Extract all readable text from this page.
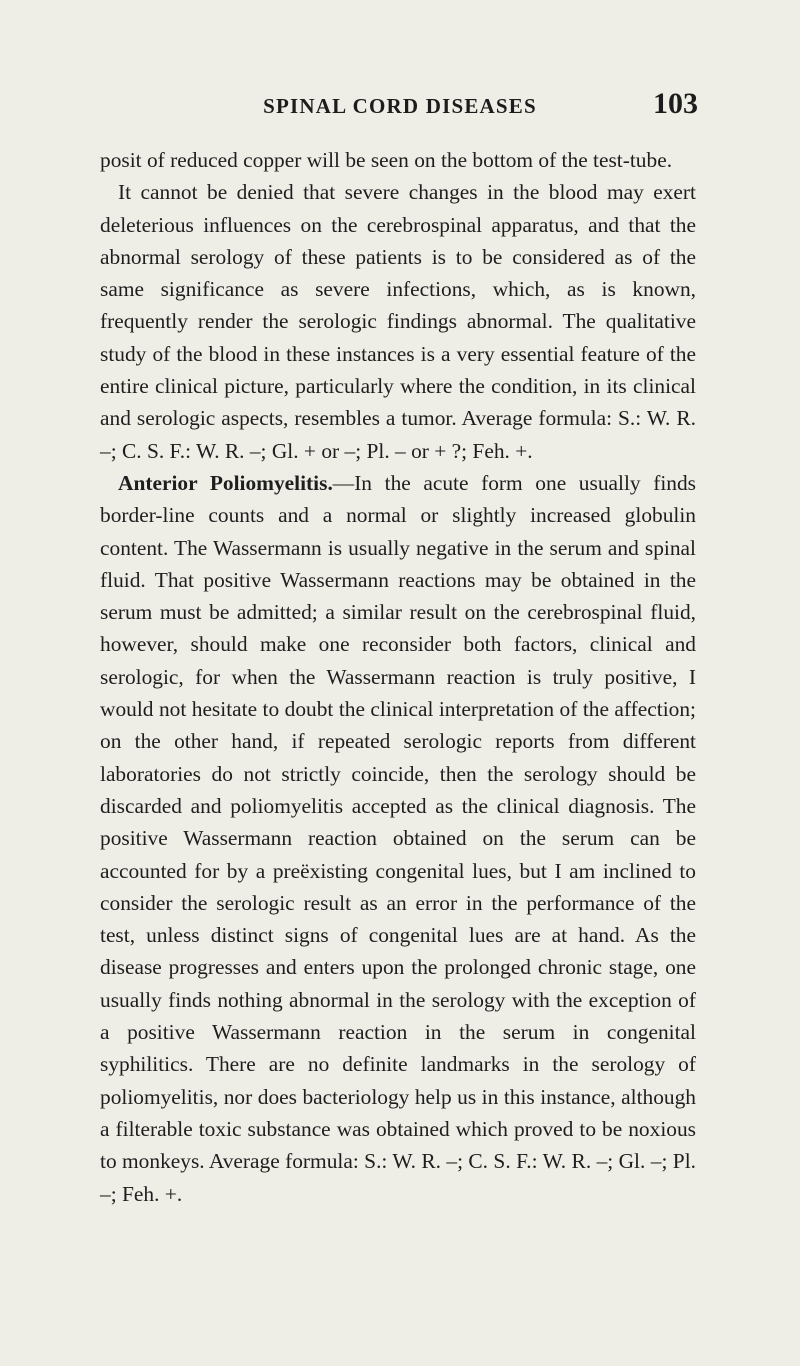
SPINAL CORD DISEASES	103

posit of reduced copper will be seen on the bottom of the test-tube.

It cannot be denied that severe changes in the blood may exert deleterious influences on the cerebrospinal apparatus, and that the abnormal serology of these patients is to be considered as of the same significance as severe infections, which, as is known, frequently render the serologic findings abnormal. The qualitative study of the blood in these instances is a very essential feature of the entire clinical picture, particularly where the condition, in its clinical and serologic aspects, resembles a tumor. Average formula: S.: W. R. –; C. S. F.: W. R. –; Gl. + or –; Pl. – or + ?; Feh. +.

Anterior Poliomyelitis.—In the acute form one usually finds border-line counts and a normal or slightly increased globulin content. The Wassermann is usually negative in the serum and spinal fluid. That positive Wassermann reactions may be obtained in the serum must be admitted; a similar result on the cerebrospinal fluid, however, should make one reconsider both factors, clinical and serologic, for when the Wassermann reaction is truly positive, I would not hesitate to doubt the clinical interpretation of the affection; on the other hand, if repeated serologic reports from different laboratories do not strictly coincide, then the serology should be discarded and poliomyelitis accepted as the clinical diagnosis. The positive Wassermann reaction obtained on the serum can be accounted for by a preëxisting congenital lues, but I am inclined to consider the serologic result as an error in the performance of the test, unless distinct signs of congenital lues are at hand. As the disease progresses and enters upon the prolonged chronic stage, one usually finds nothing abnormal in the serology with the exception of a positive Wassermann reaction in the serum in congenital syphilitics. There are no definite landmarks in the serology of poliomyelitis, nor does bacteriology help us in this instance, although a filterable toxic substance was obtained which proved to be noxious to monkeys. Average formula: S.: W. R. –; C. S. F.: W. R. –; Gl. –; Pl. –; Feh. +.
